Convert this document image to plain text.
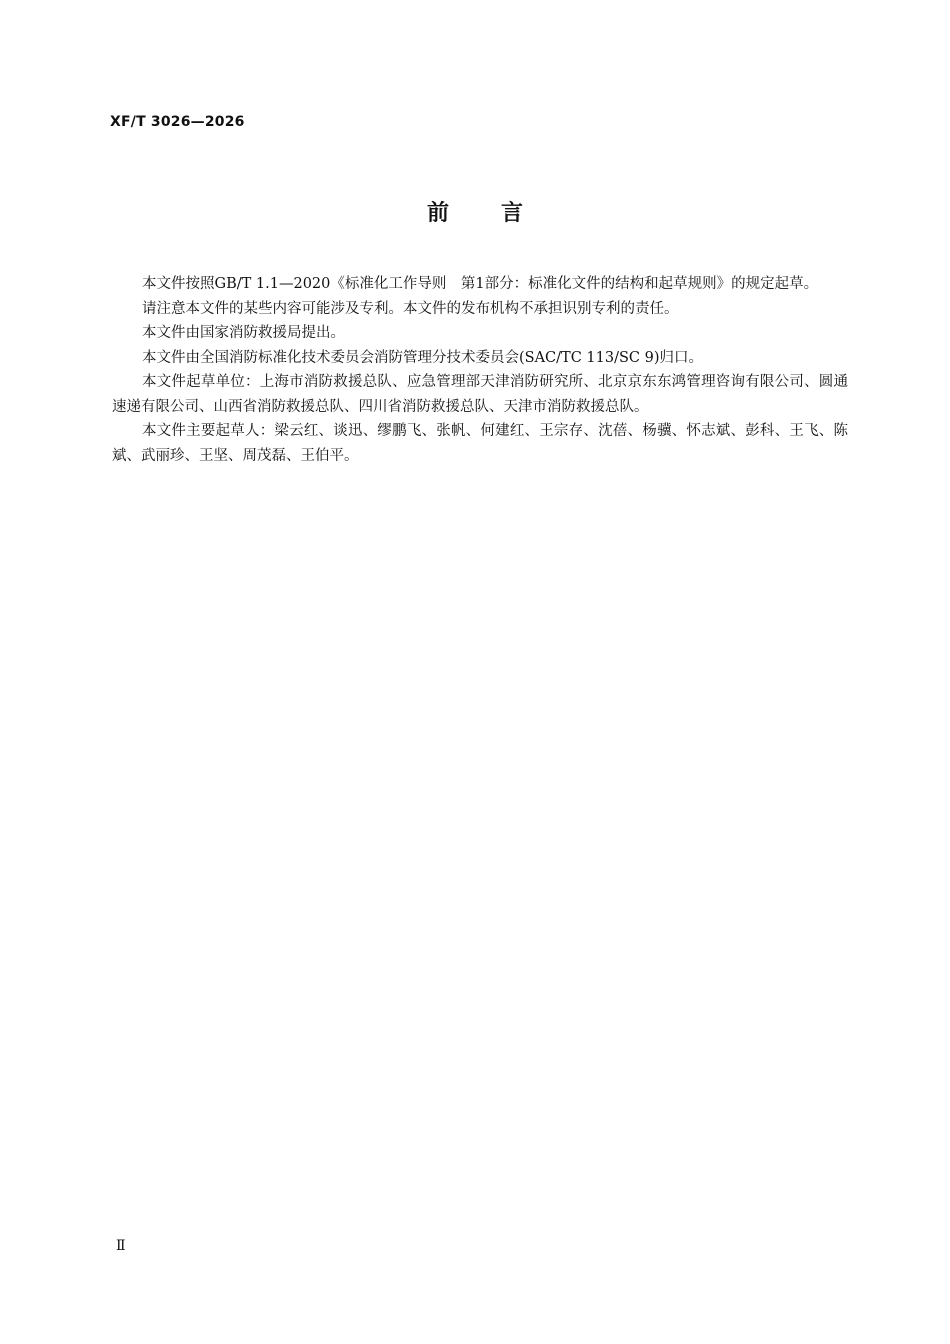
XF/T 3026—2026
前 言

本文件按照GB/T 1.1—2020《标准化工作导则　第1部分：标准化文件的结构和起草规则》的规定起草。

请注意本文件的某些内容可能涉及专利。本文件的发布机构不承担识别专利的责任。

本文件由国家消防救援局提出。

本文件由全国消防标准化技术委员会消防管理分技术委员会(SAC/TC 113/SC 9)归口。

本文件起草单位：上海市消防救援总队、应急管理部天津消防研究所、北京京东东鸿管理咨询有限公司、圆通速递有限公司、山西省消防救援总队、四川省消防救援总队、天津市消防救援总队。

本文件主要起草人：梁云红、谈迅、缪鹏飞、张帆、何建红、王宗存、沈蓓、杨骥、怀志斌、彭科、王飞、陈斌、武丽珍、王坚、周茂磊、王伯平。

Ⅱ
